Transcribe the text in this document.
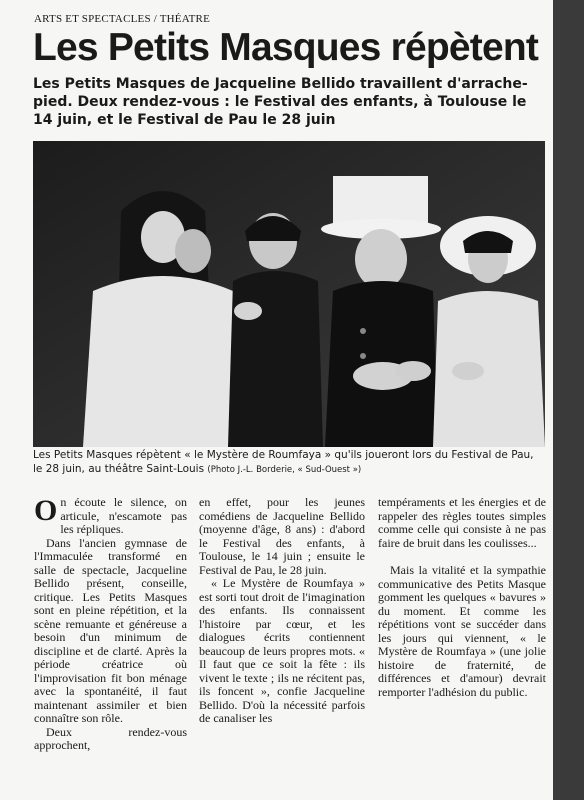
ARTS ET SPECTACLES / THÉATRE
Les Petits Masques répètent

Les Petits Masques de Jacqueline Bellido travaillent d'arrache-pied. Deux rendez-vous : le Festival des enfants, à Toulouse le 14 juin, et le Festival de Pau le 28 juin

Les Petits Masques répètent « le Mystère de Roumfaya » qu'ils joueront lors du Festival de Pau, le 28 juin, au théâtre Saint-Louis (Photo J.-L. Borderie, « Sud-Ouest »)

On écoute le silence, on articule, n'escamote pas les répliques.

Dans l'ancien gymnase de l'Immaculée transformé en salle de spectacle, Jacqueline Bellido présent, conseille, critique. Les Petits Masques sont en pleine répétition, et la scène remuante et généreuse a besoin d'un minimum de discipline et de clarté. Après la période créatrice où l'improvisation fit bon ménage avec la spontanéité, il faut maintenant assimiler et bien connaître son rôle.

Deux rendez-vous approchent,

en effet, pour les jeunes comédiens de Jacqueline Bellido (moyenne d'âge, 8 ans) : d'abord le Festival des enfants, à Toulouse, le 14 juin ; ensuite le Festival de Pau, le 28 juin.

« Le Mystère de Roumfaya » est sorti tout droit de l'imagination des enfants. Ils connaissent l'histoire par cœur, et les dialogues écrits contiennent beaucoup de leurs propres mots. « Il faut que ce soit la fête : ils vivent le texte ; ils ne récitent pas, ils foncent », confie Jacqueline Bellido. D'où la nécessité parfois de canaliser les

tempéraments et les énergies et de rappeler des règles toutes simples comme celle qui consiste à ne pas faire de bruit dans les coulisses...

Mais la vitalité et la sympathie communicative des Petits Masque gomment les quelques « bavures » du moment. Et comme les répétitions vont se succéder dans les jours qui viennent, « le Mystère de Roumfaya » (une jolie histoire de fraternité, de différences et d'amour) devrait remporter l'adhésion du public.
